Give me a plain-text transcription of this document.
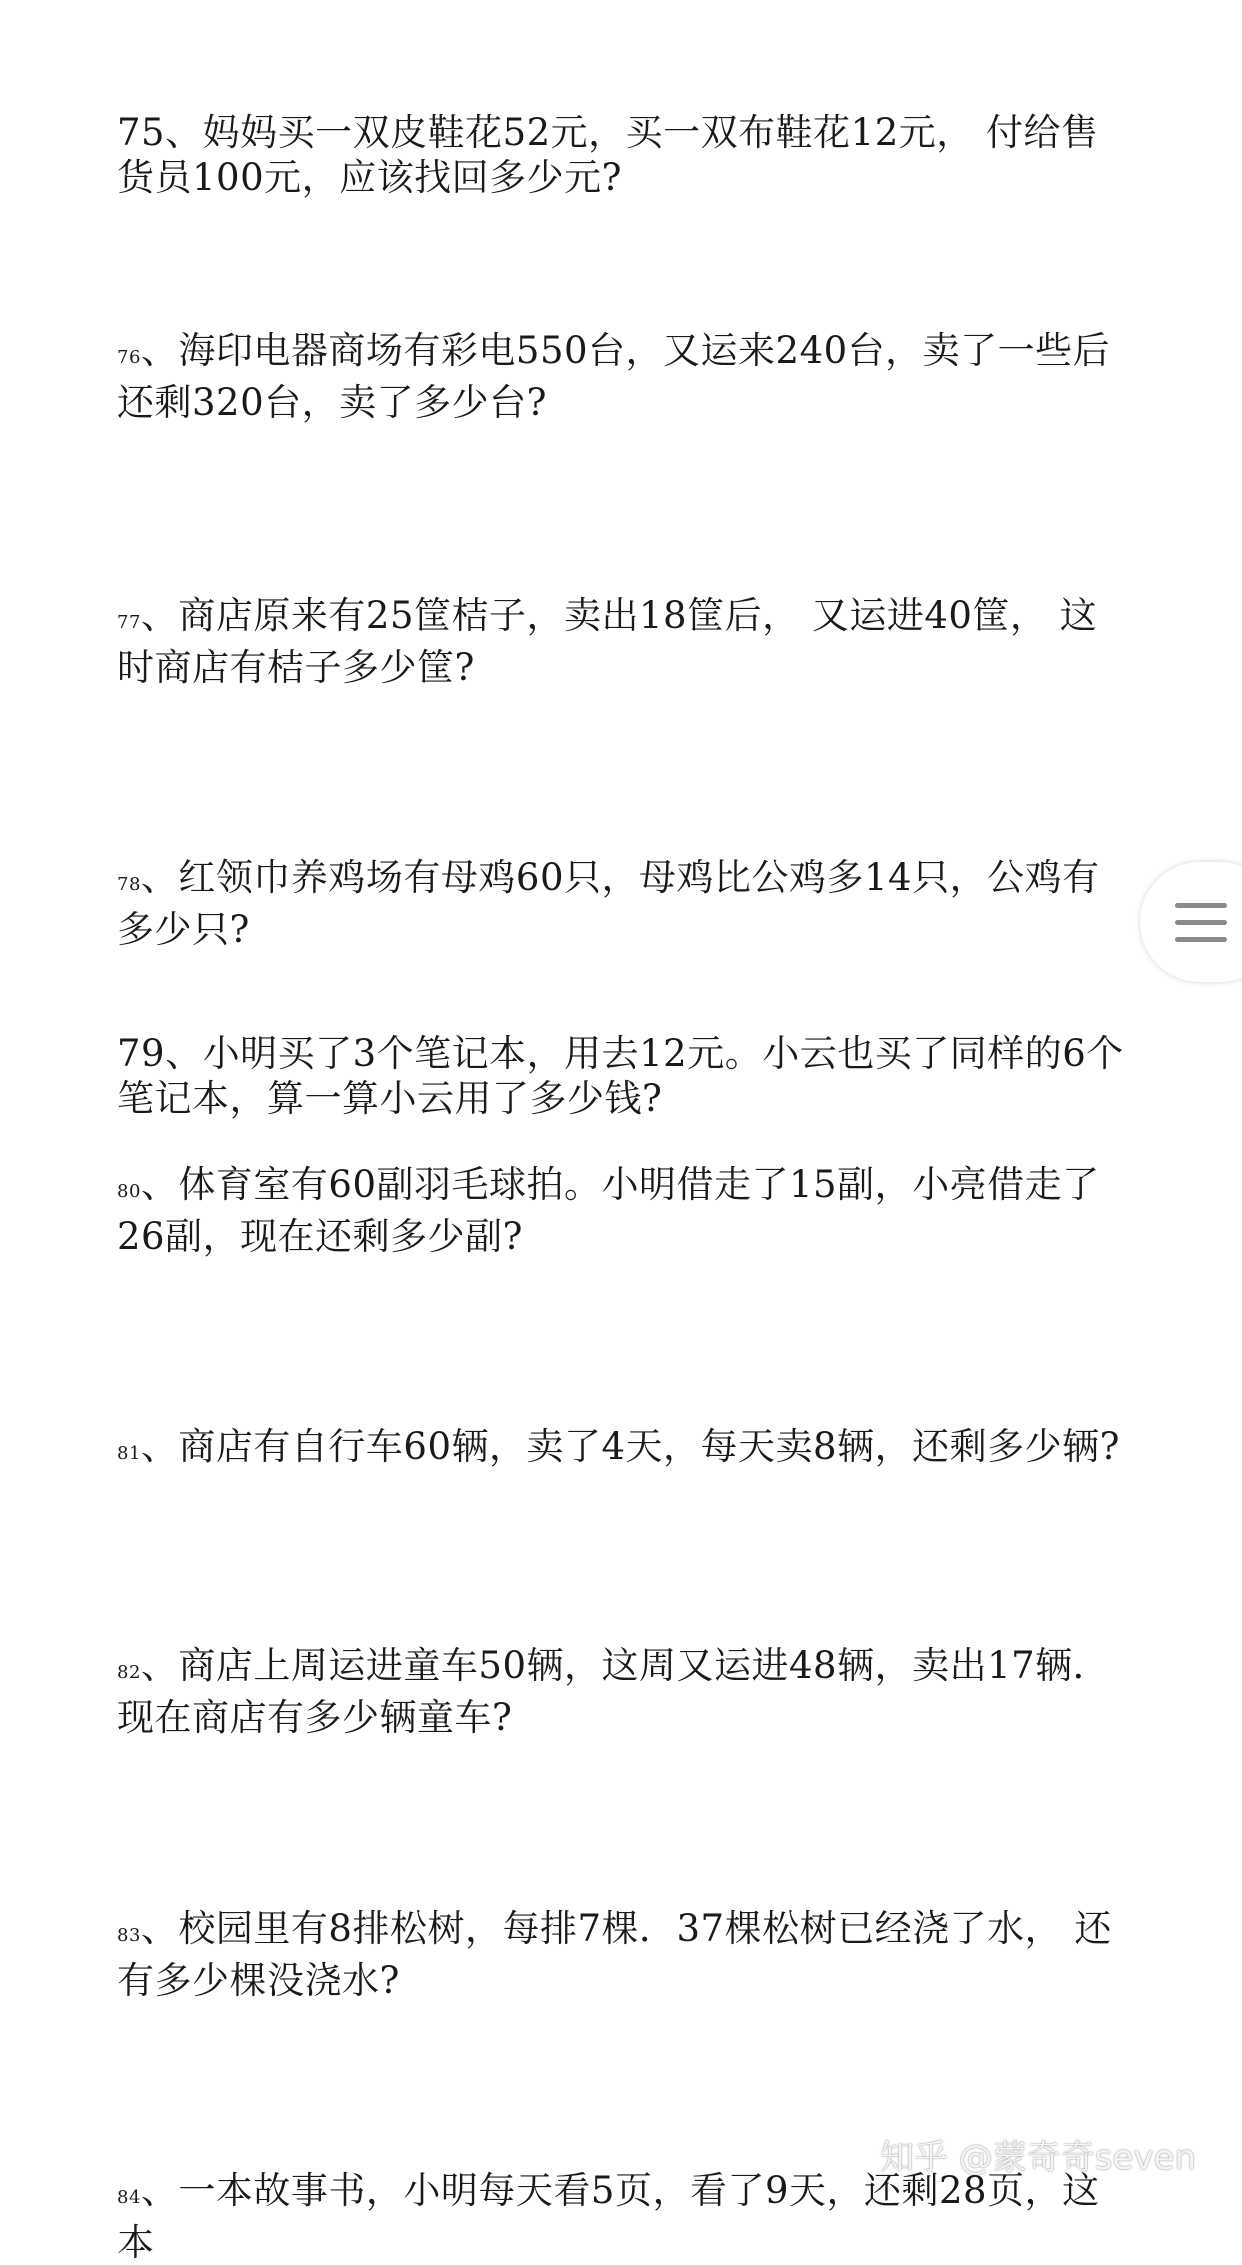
75、妈妈买一双皮鞋花52元，买一双布鞋花12元， 付给售货员100元，应该找回多少元?
76、海印电器商场有彩电550台，又运来240台，卖了一些后还剩320台，卖了多少台?
77、商店原来有25筐桔子，卖出18筐后， 又运进40筐， 这时商店有桔子多少筐?
78、红领巾养鸡场有母鸡60只，母鸡比公鸡多14只，公鸡有多少只?
79、小明买了3个笔记本，用去12元。小云也买了同样的6个笔记本，算一算小云用了多少钱?
80、体育室有60副羽毛球拍。小明借走了15副，小亮借走了26副，现在还剩多少副?
81、商店有自行车60辆，卖了4天，每天卖8辆，还剩多少辆?
82、商店上周运进童车50辆，这周又运进48辆，卖出17辆．现在商店有多少辆童车?
83、校园里有8排松树，每排7棵．37棵松树已经浇了水， 还有多少棵没浇水?
84、一本故事书，小明每天看5页，看了9天，还剩28页，这本
知乎 @蒙奇奇seven
